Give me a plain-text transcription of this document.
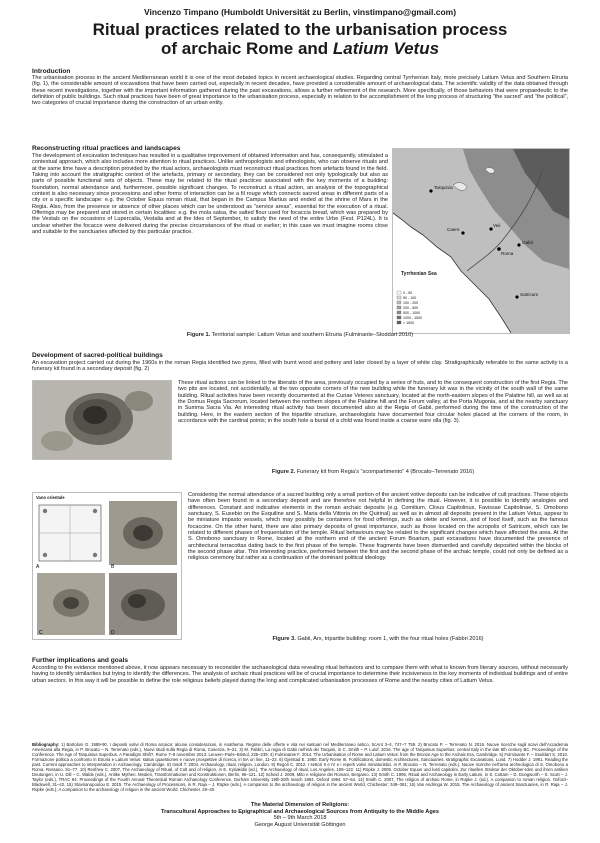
Vincenzo Timpano (Humboldt Universität zu Berlin, vinstimpano@gmail.com)
Ritual practices related to the urbanisation process
of archaic Rome and Latium Vetus
Introduction

The urbanisation process in the ancient Mediterranean world it is one of the most debated topics in recent archaeological studies. Regarding central Tyrrhenian Italy, more precisely Latium Vetus and Southern Etruria (fig. 1), the considerable amount of excavations that have been carried out, especially in recent decades, have provided a considerable amount of archaeological data. The scientific validity of the data obtained through these recent investigations, together with the important information gathered during the past excavations, allows a further refinement of the research. More specifically, of those behaviors that were propaedeutic to the definition of public buildings. Such ritual practices have been of great importance to the urbanisation process, especially in relation to the accomplishment of the long process of structuring “the sacred” and “the political”, two categories of crucial importance during the construction of an urban entity.

Reconstructing ritual practices and landscapes

The development of excavation techniques has resulted in a qualitative improvement of obtained information and has, consequently, stimulated a contextual approach, which also includes more attention to ritual practices. Unlike anthropologists and ethnologists, who can observe rituals and at the same time have a description provided by the ritual actors, archaeologists must reconstruct ritual practices from artefacts found in the field. Taking into account the stratigraphic context of the artefacts, primary or secondary, they can be considered not only typologically but also as parts of possible functional sets of objects. These may be related to the ritual practices associated with the key moments of a building: foundation, normal attendance and, furthermore, possible significant changes. To reconstruct a ritual action, an analysis of the topographical context is also necessary since processions and other forms of interaction can be a fil rouge which connects sacred areas in different parts of a city or a specific landscape: e.g. the October Equus roman ritual, that began in the Campus Martius and ended at the shrine of Mars in the Regia. Also, from the presence or absence of other places which can be understood as “service areas”, essential for the execution of a ritual. Offerings may be prepared and stored in certain localities: e.g. the mola salsa, the salted flour used for focaccia bread, which was prepared by the Vestals on the occasions of Lupercalia, Vestalia and at the Ides of September, to satisfy the need of the entire Urbe (Fest. P124L). It is unclear whether the focacce were delivered during the precise circumstances of the ritual or earlier; in this case we must imagine rooms close and suitable to the sanctuaries affected by this particular practice.

Tarquinia
Veii
Caere
Roma
Gabii
Satricum
Tyrrhenian Sea
0 - 50
50 - 100
100 - 200
200 - 500
500 - 1000
1000 - 1500
> 1500
Figure 1. Territorial sample: Latium Vetus and southern Etruria (Fulminante–Stoddart 2010)
Development of sacred-political buildings

An excavation project carried out during the 1960s in the roman Regia identified two pyres, filled with burnt wood and pottery and later closed by a layer of white clay. Stratigraphically referable to the same activity is a funerary kit found in a secondary deposit (fig. 2)

These ritual actions can be linked to the liberatio of the area, previously occupied by a series of huts, and to the consequent construction of the first Regia. The two pits are located, not accidentally, at the two opposite corners of the new building while the funerary kit was in the vicinity of the south wall of the same building. Ritual activities have been recently documented at the Curiae Veteres sanctuary, located at the north-eastern slopes of the Palatine hill, as well as at the Domus Regia Sacrorum, located between the northern slopes of the Palatine hill and the Forum valley, at the Porta Mugonia, and at the nearby sanctuary in Summa Sacra Via. An interesting ritual activity has been documented also at the Regia of Gabii, performed during the time of the construction of the building. Here, in the eastern section of the tripartite structure, archaeologists have documented four circular holes placed at the corners of the room, in accordance with the cardinal points; in the south hole a burial of a child was found inside a coarse ware olla (fig. 3).

Figure 2. Funerary kit from Regia’s “scompartimento” 4 (Brocato–Terrenato 2016)
Vano orientale
A	B
C	D

Considering the normal attendance of a sacred building only a small portion of the ancient votive deposits can be indicative of cult practices. These objects have often been found in a secondary deposit and are therefore not helpful in defining the ritual. However, it is possible to identify analogies and differences. Constant and indicative elements in the roman archaic deposits (e.g. Comitium, Clivus Capitolinus, Favissae Capitolinae, S. Omobono sanctuary, S. Eusebio on the Esquiline and S. Maria della Vittoria on the Quirinal) as well as in almost all deposits present in the Latium Vetus, appear to be miniature impasto vessels, which may possibly be containers for food offerings, such as olette and kernoi, and of food itself, such as the famous focaccine. On the other hand, there are also primary deposits of great importance, such as those located on the acropolis of Satricum, which can be related to different phases of frequentation of the temple. Ritual behaviours may be related to the significant changes which have affected the area. At the S. Omobono sanctuary in Rome, located at the northern end of the ancient Forum Boarium, past excavations have documented the presence of architectural terracottas dating back to the first phase of the temple. These fragments have been dismantled and carefully deposited within the blocks of the second phase altar. This interesting practice, performed between the first and the second phase of the archaic temple, could not only be defined as a religious ceremony but rather as a continuation of the dominant political ideology.

Figure 3. Gabii, Arx, tripartite building: room 1, with the four ritual holes (Fabbri 2016)
Further implications and goals

According to the evidence mentioned above, it now appears necessary to reconsider the archaeological data revealing ritual behaviors and to compare them with what is known from literary sources, without necessarily having to identify similarities but trying to identify the differences. The analysis of archaic ritual practices will be of crucial importance to determine their incisiveness in the key moments of individual buildings and of entire urban sectors. In this way it will be possible to define the role religious beliefs played during the long and complicated urbanisation processes of Rome and the nearby cities of Latium Vetus.

Bibliography: 1) Bartoloni G. 1989-90. I depositi votivi di Roma arcaica: alcune considerazioni, in Anathema. Regime delle offerte e vita nei santuari nel Mediterraneo antico, ScAnt 3–4, 747–7 759. 2) Brocato P. – Terrenato N. 2016. Nuove ricerche sugli scavi dell’Accademia Americana alla Regia, in P. Brocato – N. Terrenato (eds.), Nuovi studi sulla Regia di Roma, Cosenza, 9–21. 3) M. Fabbri, La regia di Gabii nell’età dei Tarquini, in C. Smith – P. Lulof. 2016. The age of Tarquinius Superbus: central Italy in the late 6th century BC. Proceedings of the Conference. The Age of Tarquinius Superbus, A Paradigm Shift?, Rome 7–9 november 2013. Leuven–Paris–Bristol, 225–239; 4) Fulminante F. 2014. The Urbanisation of Rome and Latium Vetus: from the Bronze Age to the Archaic Era, Cambridge. 5) Fulminante F. – Stoddart S. 2010. Formazione politica a confronto in Etruria e Latium Vetus: status quaestiones e nuove prospettive di ricerca, in BA on line, 11–22. 6) Gjerstad E. 1960. Early Rome III. Fortifications, domestic Architectures, Sanctuaries, stratigraphic Excavations, Lund. 7) Hodder J. 1991. Reading the past. Current approaches to interpretation in Archaeology, Cambridge. 8) Insoll T. 2004. Archaeology, ritual, religion. London. 9) Regoli C. 2012. I settori II e IV e i reperti votivi miniaturistici. in P. Brocato – N. Terrenato (eds.), Nuove ricerche nell’area archeologica di S. Omobono a Roma. Rossano. 51–77. 10) Renfrew C. 2007, The Archaeology of Ritual, of Cult and of religion, in E. Kyriakidis (ed.), The Archaeology of ritual, Los Angeles, 109–122. 11) Rüpke J. 2009. October Equus und lusti capitolini. Zur rituellen Struktur der Oktober-Iden und ihren antiken Deutungen, in U. Dill – C. Walde (eds.), Antike Mythen. Medien, Transformationen und Konstruktionen, Berlin, 96–121. 12) Scheid J. 2009, Mito e religione dei Romani, Bergamo. 13) Smith C. 1996, Ritual and Archaeology in Early Latium, in S. Cottam – D. Dungworth – S. Scott – J. Taylor (eds.), TRAC 94: Proceedings of the Fourth Annual Theoretical Roman Archaeology Conference. Durham University 19th-20th march 1994. Oxford 1994. 57–64. 14) Smith C. 2007, The religion of archaic Rome, in Rüpke J. (ed.), A companion to roman religion. Oxford–Blackwell, 31–42. 15) Stavrianopoulou E. 2015. The Archaeology of Processions, in R. Raja – J. Rüpke (eds.), A companion to the archaeology of religion in the ancient World, Chichester: 349–361; 16) Van Andringa W. 2015, The Archaeology of ancient Sanctuaries, in R. Raja – J. Rüpke (eds.), A companion to the archaeology of religion in the ancient World. Chichester. 29–40.

The Material Dimension of Religions:
Transcultural Approaches to Epigraphical and Archaeological Sources from Antiquity to the Middle Ages
5th – 9th March 2018
George August Universität Göttingen
